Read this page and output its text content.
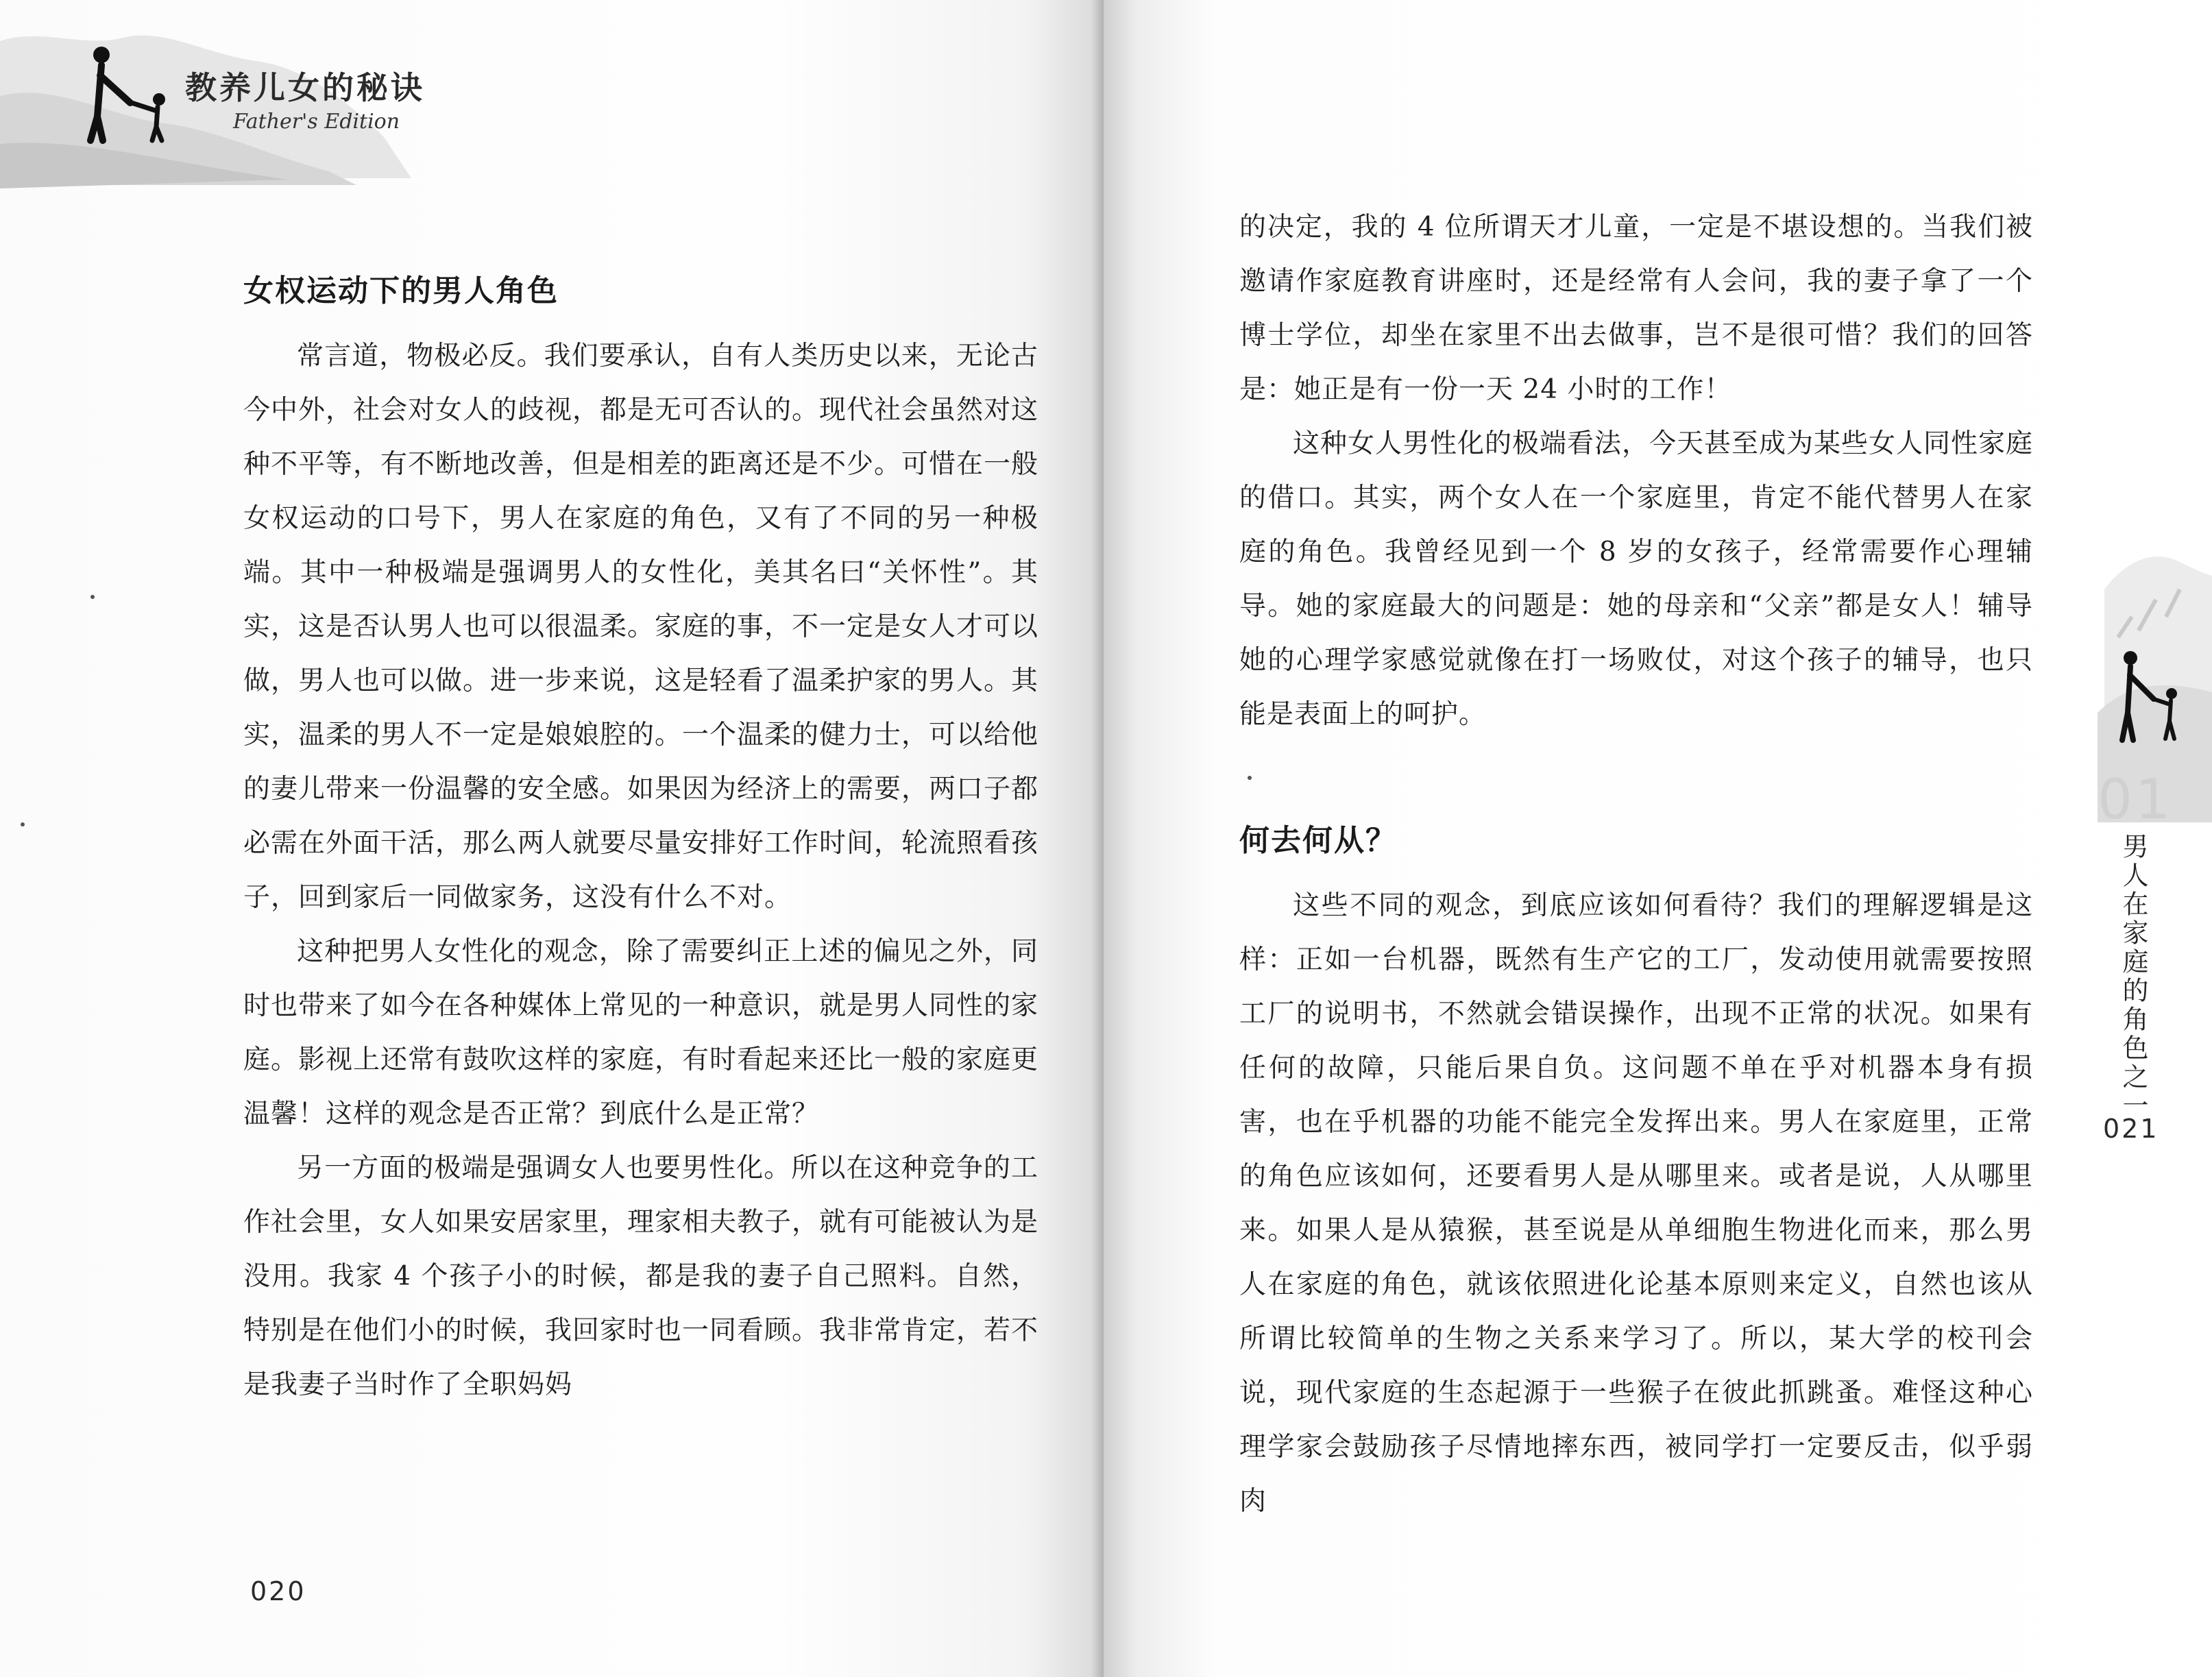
教养儿女的秘诀
Father's Edition
女权运动下的男人角色

常言道，物极必反。我们要承认，自有人类历史以来，无论古今中外，社会对女人的歧视，都是无可否认的。现代社会虽然对这种不平等，有不断地改善，但是相差的距离还是不少。可惜在一般女权运动的口号下，男人在家庭的角色，又有了不同的另一种极端。其中一种极端是强调男人的女性化，美其名曰“关怀性”。其实，这是否认男人也可以很温柔。家庭的事，不一定是女人才可以做，男人也可以做。进一步来说，这是轻看了温柔护家的男人。其实，温柔的男人不一定是娘娘腔的。一个温柔的健力士，可以给他的妻儿带来一份温馨的安全感。如果因为经济上的需要，两口子都必需在外面干活，那么两人就要尽量安排好工作时间，轮流照看孩子，回到家后一同做家务，这没有什么不对。

这种把男人女性化的观念，除了需要纠正上述的偏见之外，同时也带来了如今在各种媒体上常见的一种意识，就是男人同性的家庭。影视上还常有鼓吹这样的家庭，有时看起来还比一般的家庭更温馨！这样的观念是否正常？到底什么是正常？

另一方面的极端是强调女人也要男性化。所以在这种竞争的工作社会里，女人如果安居家里，理家相夫教子，就有可能被认为是没用。我家 4 个孩子小的时候，都是我的妻子自己照料。自然，特别是在他们小的时候，我回家时也一同看顾。我非常肯定，若不是我妻子当时作了全职妈妈

020

的决定，我的 4 位所谓天才儿童，一定是不堪设想的。当我们被邀请作家庭教育讲座时，还是经常有人会问，我的妻子拿了一个博士学位，却坐在家里不出去做事，岂不是很可惜？我们的回答是：她正是有一份一天 24 小时的工作！

这种女人男性化的极端看法，今天甚至成为某些女人同性家庭的借口。其实，两个女人在一个家庭里，肯定不能代替男人在家庭的角色。我曾经见到一个 8 岁的女孩子，经常需要作心理辅导。她的家庭最大的问题是：她的母亲和“父亲”都是女人！辅导她的心理学家感觉就像在打一场败仗，对这个孩子的辅导，也只能是表面上的呵护。

何去何从？

这些不同的观念，到底应该如何看待？我们的理解逻辑是这样：正如一台机器，既然有生产它的工厂，发动使用就需要按照工厂的说明书，不然就会错误操作，出现不正常的状况。如果有任何的故障，只能后果自负。这问题不单在乎对机器本身有损害，也在乎机器的功能不能完全发挥出来。男人在家庭里，正常的角色应该如何，还要看男人是从哪里来。或者是说，人从哪里来。如果人是从猿猴，甚至说是从单细胞生物进化而来，那么男人在家庭的角色，就该依照进化论基本原则来定义，自然也该从所谓比较简单的生物之关系来学习了。所以，某大学的校刊会说，现代家庭的生态起源于一些猴子在彼此抓跳蚤。难怪这种心理学家会鼓励孩子尽情地摔东西，被同学打一定要反击，似乎弱肉

01
男人在家庭的角色之一
021
